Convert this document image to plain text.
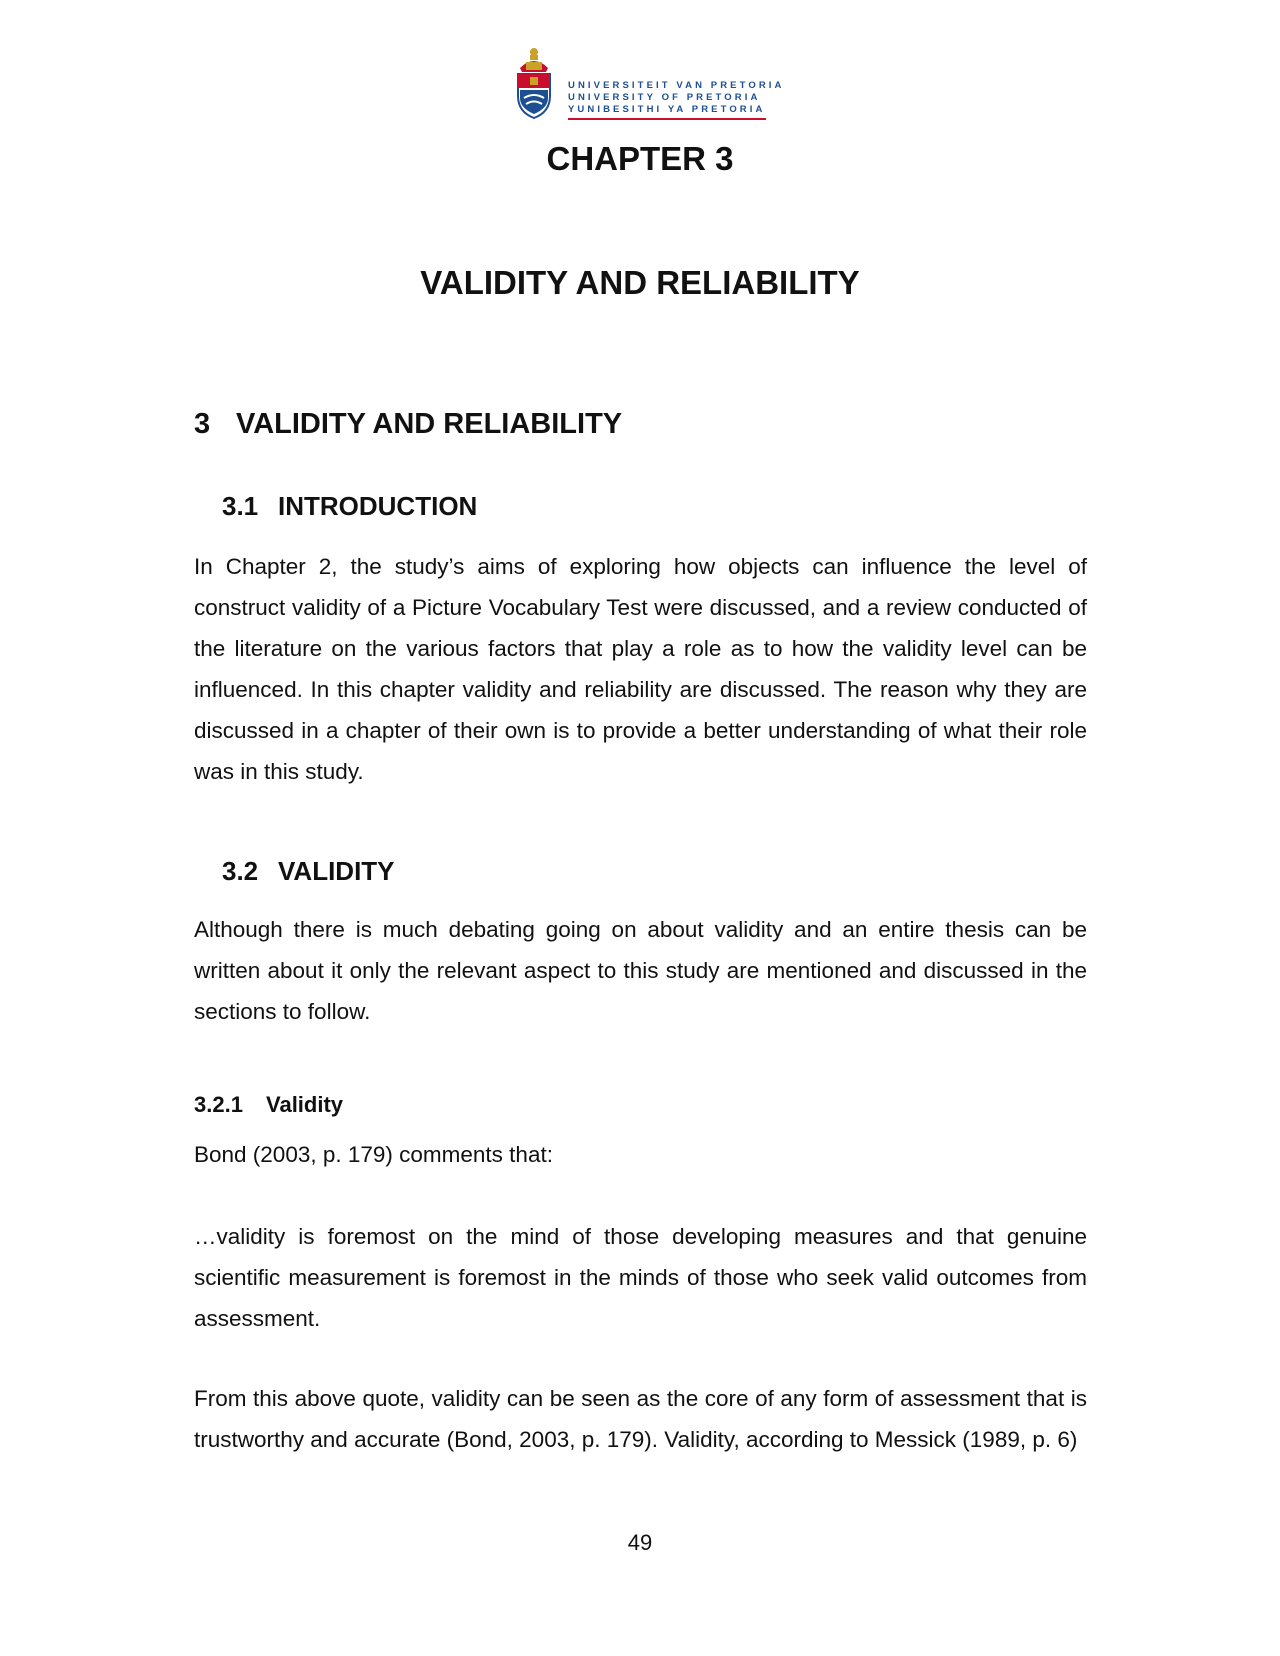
UNIVERSITEIT VAN PRETORIA
UNIVERSITY OF PRETORIA
YUNIBESITHI YA PRETORIA
CHAPTER 3
VALIDITY AND RELIABILITY
3 VALIDITY AND RELIABILITY
3.1 INTRODUCTION

In Chapter 2, the study’s aims of exploring how objects can influence the level of construct validity of a Picture Vocabulary Test were discussed, and a review conducted of the literature on the various factors that play a role as to how the validity level can be influenced. In this chapter validity and reliability are discussed. The reason why they are discussed in a chapter of their own is to provide a better understanding of what their role was in this study.

3.2 VALIDITY

Although there is much debating going on about validity and an entire thesis can be written about it only the relevant aspect to this study are mentioned and discussed in the sections to follow.

3.2.1 Validity

Bond (2003, p. 179) comments that:

…validity is foremost on the mind of those developing measures and that genuine scientific measurement is foremost in the minds of those who seek valid outcomes from assessment.

From this above quote, validity can be seen as the core of any form of assessment that is trustworthy and accurate (Bond, 2003, p. 179). Validity, according to Messick (1989, p. 6)

49
